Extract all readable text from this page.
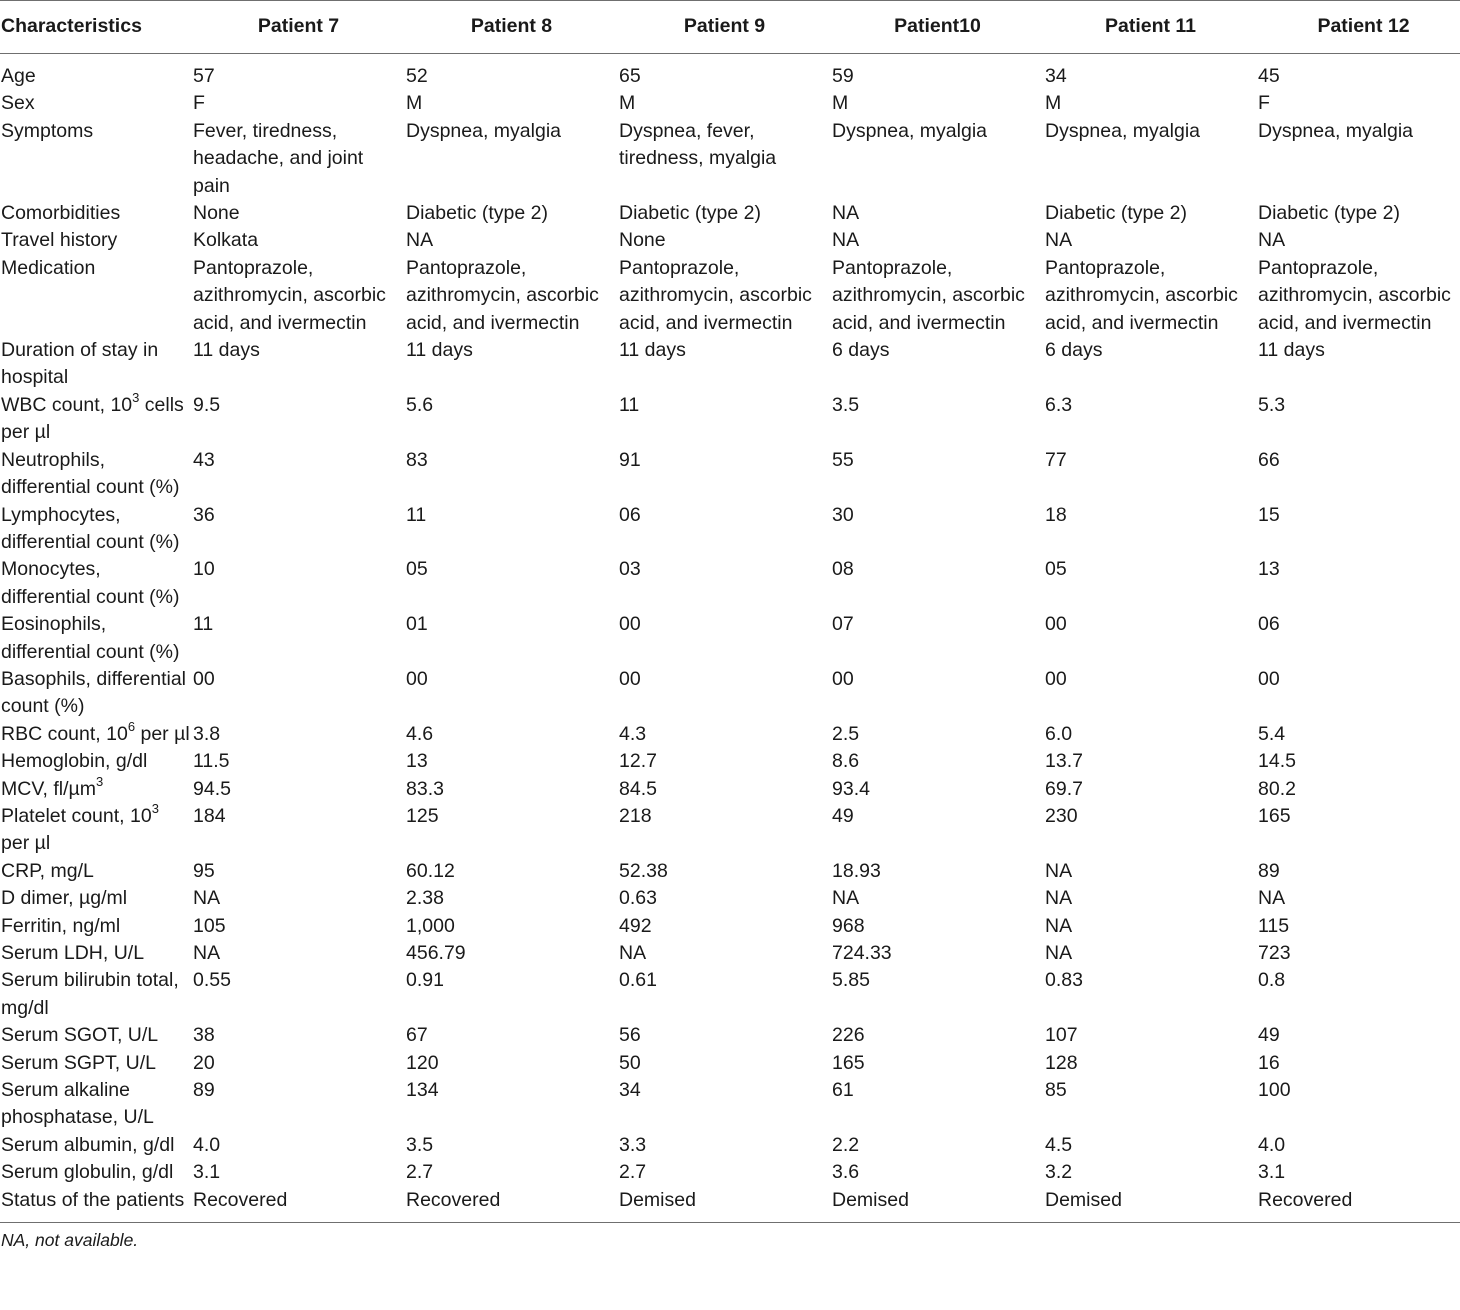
Characteristics	Patient 7	Patient 8	Patient 9	Patient10	Patient 11	Patient 12
Age	57	52	65	59	34	45
Sex	F	M	M	M	M	F
Symptoms	Fever, tiredness, headache, and joint pain	Dyspnea, myalgia	Dyspnea, fever, tiredness, myalgia	Dyspnea, myalgia	Dyspnea, myalgia	Dyspnea, myalgia
Comorbidities	None	Diabetic (type 2)	Diabetic (type 2)	NA	Diabetic (type 2)	Diabetic (type 2)
Travel history	Kolkata	NA	None	NA	NA	NA
Medication	Pantoprazole, azithromycin, ascorbic acid, and ivermectin	Pantoprazole, azithromycin, ascorbic acid, and ivermectin	Pantoprazole, azithromycin, ascorbic acid, and ivermectin	Pantoprazole, azithromycin, ascorbic acid, and ivermectin	Pantoprazole, azithromycin, ascorbic acid, and ivermectin	Pantoprazole, azithromycin, ascorbic acid, and ivermectin
Duration of stay in hospital	11 days	11 days	11 days	6 days	6 days	11 days
WBC count, $10^3$ cells per µl	9.5	5.6	11	3.5	6.3	5.3
Neutrophils, differential count (%)	43	83	91	55	77	66
Lymphocytes, differential count (%)	36	11	06	30	18	15
Monocytes, differential count (%)	10	05	03	08	05	13
Eosinophils, differential count (%)	11	01	00	07	00	06
Basophils, differential count (%)	00	00	00	00	00	00
RBC count, $10^6$ per µl	3.8	4.6	4.3	2.5	6.0	5.4
Hemoglobin, g/dl	11.5	13	12.7	8.6	13.7	14.5
MCV, fl/µm$^3$	94.5	83.3	84.5	93.4	69.7	80.2
Platelet count, $10^3$ per µl	184	125	218	49	230	165
CRP, mg/L	95	60.12	52.38	18.93	NA	89
D dimer, µg/ml	NA	2.38	0.63	NA	NA	NA
Ferritin, ng/ml	105	1,000	492	968	NA	115
Serum LDH, U/L	NA	456.79	NA	724.33	NA	723
Serum bilirubin total, mg/dl	0.55	0.91	0.61	5.85	0.83	0.8
Serum SGOT, U/L	38	67	56	226	107	49
Serum SGPT, U/L	20	120	50	165	128	16
Serum alkaline phosphatase, U/L	89	134	34	61	85	100
Serum albumin, g/dl	4.0	3.5	3.3	2.2	4.5	4.0
Serum globulin, g/dl	3.1	2.7	2.7	3.6	3.2	3.1
Status of the patients	Recovered	Recovered	Demised	Demised	Demised	Recovered
NA, not available.
